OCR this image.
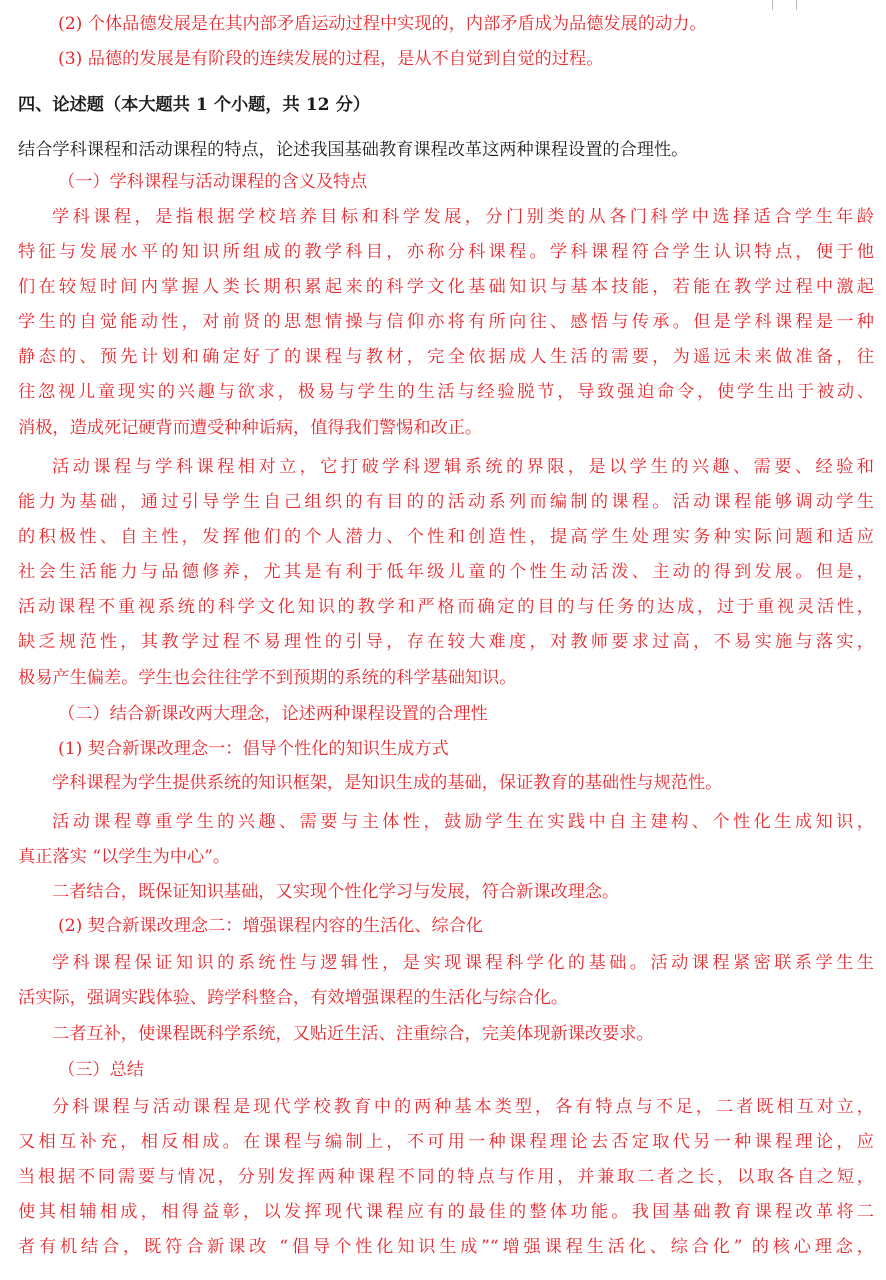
(2) 个体品德发展是在其内部矛盾运动过程中实现的，内部矛盾成为品德发展的动力。
(3) 品德的发展是有阶段的连续发展的过程，是从不自觉到自觉的过程。
四、论述题（本大题共 1 个小题，共 12 分）
结合学科课程和活动课程的特点，论述我国基础教育课程改革这两种课程设置的合理性。
（一）学科课程与活动课程的含义及特点
学科课程，是指根据学校培养目标和科学发展，分门别类的从各门科学中选择适合学生年龄
特征与发展水平的知识所组成的教学科目，亦称分科课程。学科课程符合学生认识特点，便于他
们在较短时间内掌握人类长期积累起来的科学文化基础知识与基本技能，若能在教学过程中激起
学生的自觉能动性，对前贤的思想情操与信仰亦将有所向往、感悟与传承。但是学科课程是一种
静态的、预先计划和确定好了的课程与教材，完全依据成人生活的需要，为遥远未来做准备，往
往忽视儿童现实的兴趣与欲求，极易与学生的生活与经验脱节，导致强迫命令，使学生出于被动、
消极，造成死记硬背而遭受种种诟病，值得我们警惕和改正。
活动课程与学科课程相对立，它打破学科逻辑系统的界限，是以学生的兴趣、需要、经验和
能力为基础，通过引导学生自己组织的有目的的活动系列而编制的课程。活动课程能够调动学生
的积极性、自主性，发挥他们的个人潜力、个性和创造性，提高学生处理实务种实际问题和适应
社会生活能力与品德修养，尤其是有利于低年级儿童的个性生动活泼、主动的得到发展。但是，
活动课程不重视系统的科学文化知识的教学和严格而确定的目的与任务的达成，过于重视灵活性，
缺乏规范性，其教学过程不易理性的引导，存在较大难度，对教师要求过高，不易实施与落实，
极易产生偏差。学生也会往往学不到预期的系统的科学基础知识。
（二）结合新课改两大理念，论述两种课程设置的合理性
(1) 契合新课改理念一：倡导个性化的知识生成方式
学科课程为学生提供系统的知识框架，是知识生成的基础，保证教育的基础性与规范性。
活动课程尊重学生的兴趣、需要与主体性，鼓励学生在实践中自主建构、个性化生成知识，
真正落实 “以学生为中心”。
二者结合，既保证知识基础，又实现个性化学习与发展，符合新课改理念。
(2) 契合新课改理念二：增强课程内容的生活化、综合化
学科课程保证知识的系统性与逻辑性，是实现课程科学化的基础。活动课程紧密联系学生生
活实际，强调实践体验、跨学科整合，有效增强课程的生活化与综合化。
二者互补，使课程既科学系统，又贴近生活、注重综合，完美体现新课改要求。
（三）总结
分科课程与活动课程是现代学校教育中的两种基本类型，各有特点与不足，二者既相互对立，
又相互补充，相反相成。在课程与编制上，不可用一种课程理论去否定取代另一种课程理论，应
当根据不同需要与情况，分别发挥两种课程不同的特点与作用，并兼取二者之长，以取各自之短，
使其相辅相成，相得益彰，以发挥现代课程应有的最佳的整体功能。我国基础教育课程改革将二
者有机结合，既符合新课改 “倡导个性化知识生成”“增强课程生活化、综合化” 的核心理念，
